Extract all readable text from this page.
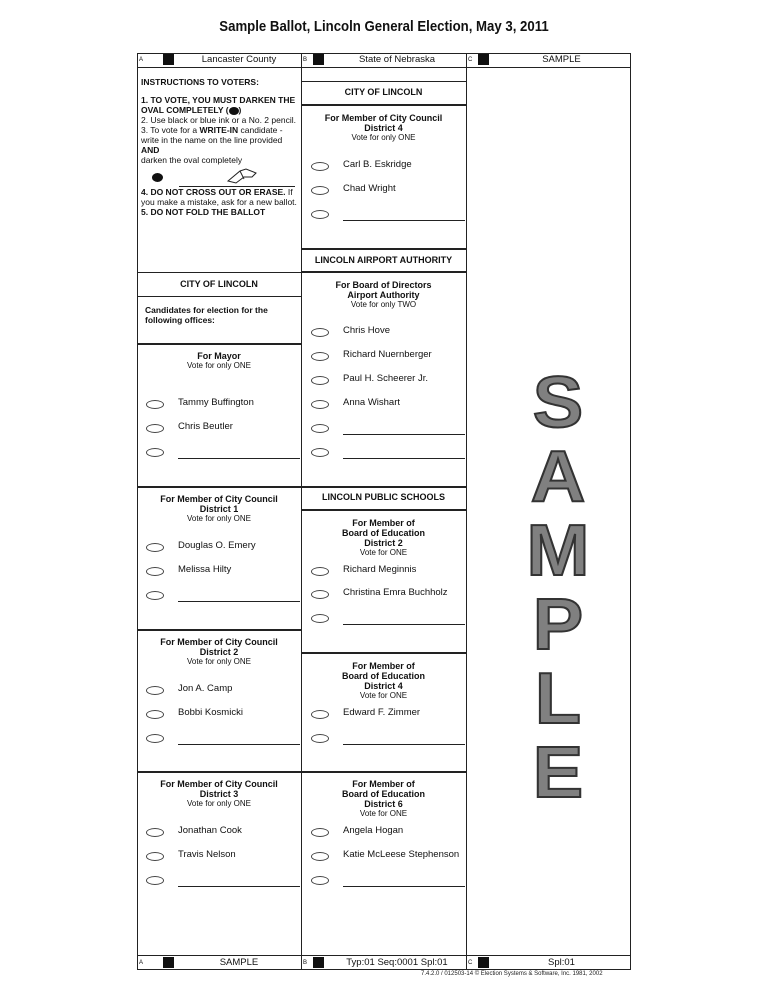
Sample Ballot, Lincoln General Election, May 3, 2011
A	Lancaster County	B	State of Nebraska	C	SAMPLE
A	SAMPLE	B	Typ:01 Seq:0001 Spl:01	C	Spl:01
INSTRUCTIONS TO VOTERS:
1. TO VOTE, YOU MUST DARKEN THE
OVAL COMPLETELY ( )
2. Use black or blue ink or a No. 2 pencil.
3. To vote for a WRITE-IN candidate -
write in the name on the line provided AND
darken the oval completely
4. DO NOT CROSS OUT OR ERASE. If
you make a mistake, ask for a new ballot.
5. DO NOT FOLD THE BALLOT
CITY OF LINCOLN
Candidates for election for the following offices:
For Mayor
Vote for only ONE
Tammy Buffington
Chris Beutler
For Member of City Council
District 1
Vote for only ONE
Douglas O. Emery
Melissa Hilty
For Member of City Council
District 2
Vote for only ONE
Jon A. Camp
Bobbi Kosmicki
For Member of City Council
District 3
Vote for only ONE
Jonathan Cook
Travis Nelson
CITY OF LINCOLN
For Member of City Council
District 4
Vote for only ONE
Carl B. Eskridge
Chad Wright
LINCOLN AIRPORT AUTHORITY
For Board of Directors
Airport Authority
Vote for only TWO
Chris Hove
Richard Nuernberger
Paul H. Scheerer Jr.
Anna Wishart
LINCOLN PUBLIC SCHOOLS
For Member of
Board of Education
District 2
Vote for ONE
Richard Meginnis
Christina Emra Buchholz
For Member of
Board of Education
District 4
Vote for ONE
Edward F. Zimmer
For Member of
Board of Education
District 6
Vote for ONE
Angela Hogan
Katie McLeese Stephenson
S
A
M
P
L
E
7.4.2.0 / 012503-14 © Election Systems & Software, Inc. 1981, 2002
